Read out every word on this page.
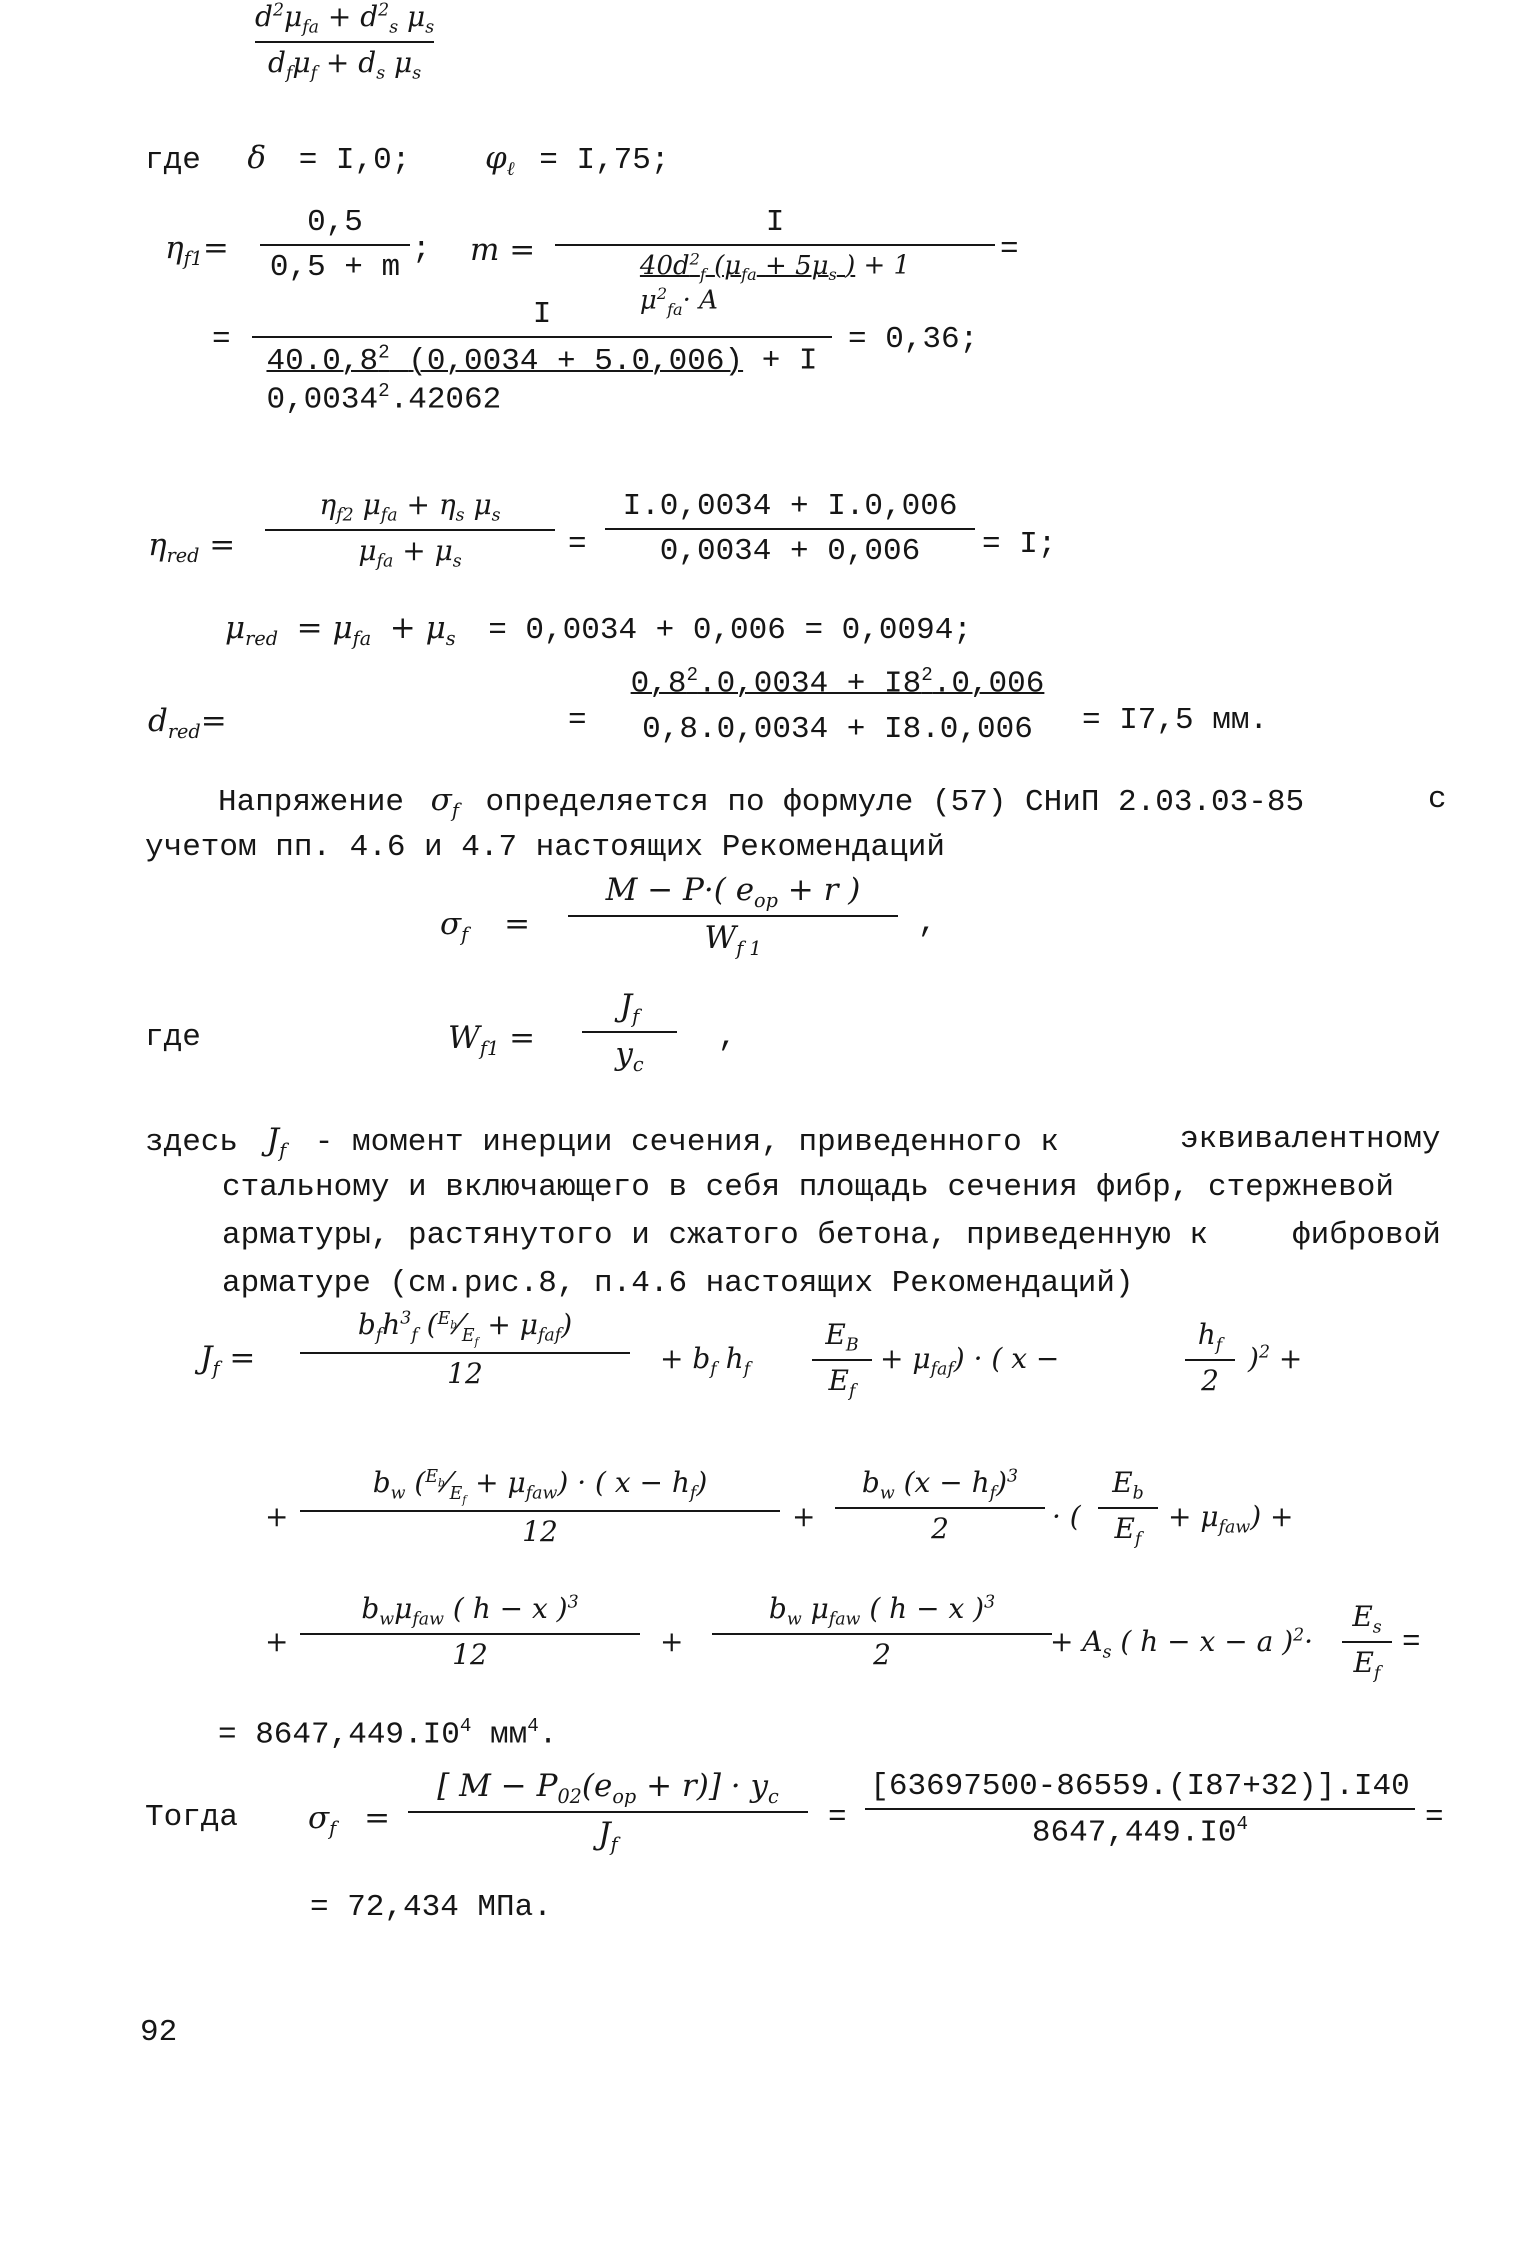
где δ = I,0; $\varphi_\ell = I,75$;
$\eta_{f1}=$
0,5
0,5 + m
; m =
I
$40d^2_f$ ($\mu_{fa} + 5\mu_s$ ) + 1
$\mu^2_{fa}\cdot A$
=
=
I
40.0,8$^2$ (0,0034 + 5.0,006) + I
$0,0034^2.42062$
= 0,36;
$\eta_{red}$ =
$\eta_{f2}$ $\mu_{fa} + \eta_s$ $\mu_s$
$\mu_{fa} + \mu_s$
=
I.0,0034 + I.0,006
0,0034 + 0,006 = I;
$\mu_{red} = \mu_{fa} + \mu_s = 0,0034 + 0,006 = 0,0094$;
$d_{red}=$
$d^2\mu_{fa} + d^2_s$ $\mu_s$
$d_f\mu_f + d_s$ $\mu_s$
= $\frac{0,8^2.0,0034 + I8^2.0,006}{0,8.0,0034 + I8.0,006} = I7,5$ мм.
Напряжение $\sigma_f$ определяется по формуле (57) СНиП 2.03.03-85	с
учетом пп. 4.6 и 4.7 настоящих Рекомендаций
$\sigma_f$ =
M − P·( $e_{op} + r$ )
$W_{f 1}$
,
где	$W_{f1}$ =
$J_f$
$y_c$
,
здесь $J_f$ - момент инерции сечения, приведенного к	эквивалентному
стальному и включающего в себя площадь сечения фибр, стержневой
арматуры, растянутого и сжатого бетона, приведенную к	фибровой
арматуре (см.рис.8, п.4.6 настоящих Рекомендаций)
$J_f$ =
$b_fh^3_f$ $(^{E_b}⁄_{E_f} + \mu_{faf})$
12	+ $b_f$ $h_f$
$E_B$
$E_f$
+ $\mu_{faf}$) · ( x −
$h_f$
2
)$^2$ +
+
$b_w$ $(^{E_b}⁄_{E_f} + \mu_{faw})$ · ( $x - h_f$)
12	+
$b_w$ $(x - h_f)^3$
2	· (
$E_b$
$E_f$
+ $\mu_{faw}$) +
+
$b_w\mu_{faw}$ ( h − x )$^3$
12	+
$b_w$ $\mu_{faw}$ ( h − x )$^3$
2	+ $A_s$ ( h − x − a )$^2$·
$E_s$
$E_f$
=
= $8647,449.I0^4$ $мм^4$.
Тогда $\sigma_f$ =
[ $M - P_{02}(e_{op} + r)] \cdot y_c$
$J_f$
=
[63697500-86559.(I87+32)].I40
$8647,449.I0^4$	=
= 72,434 МПа.
92
